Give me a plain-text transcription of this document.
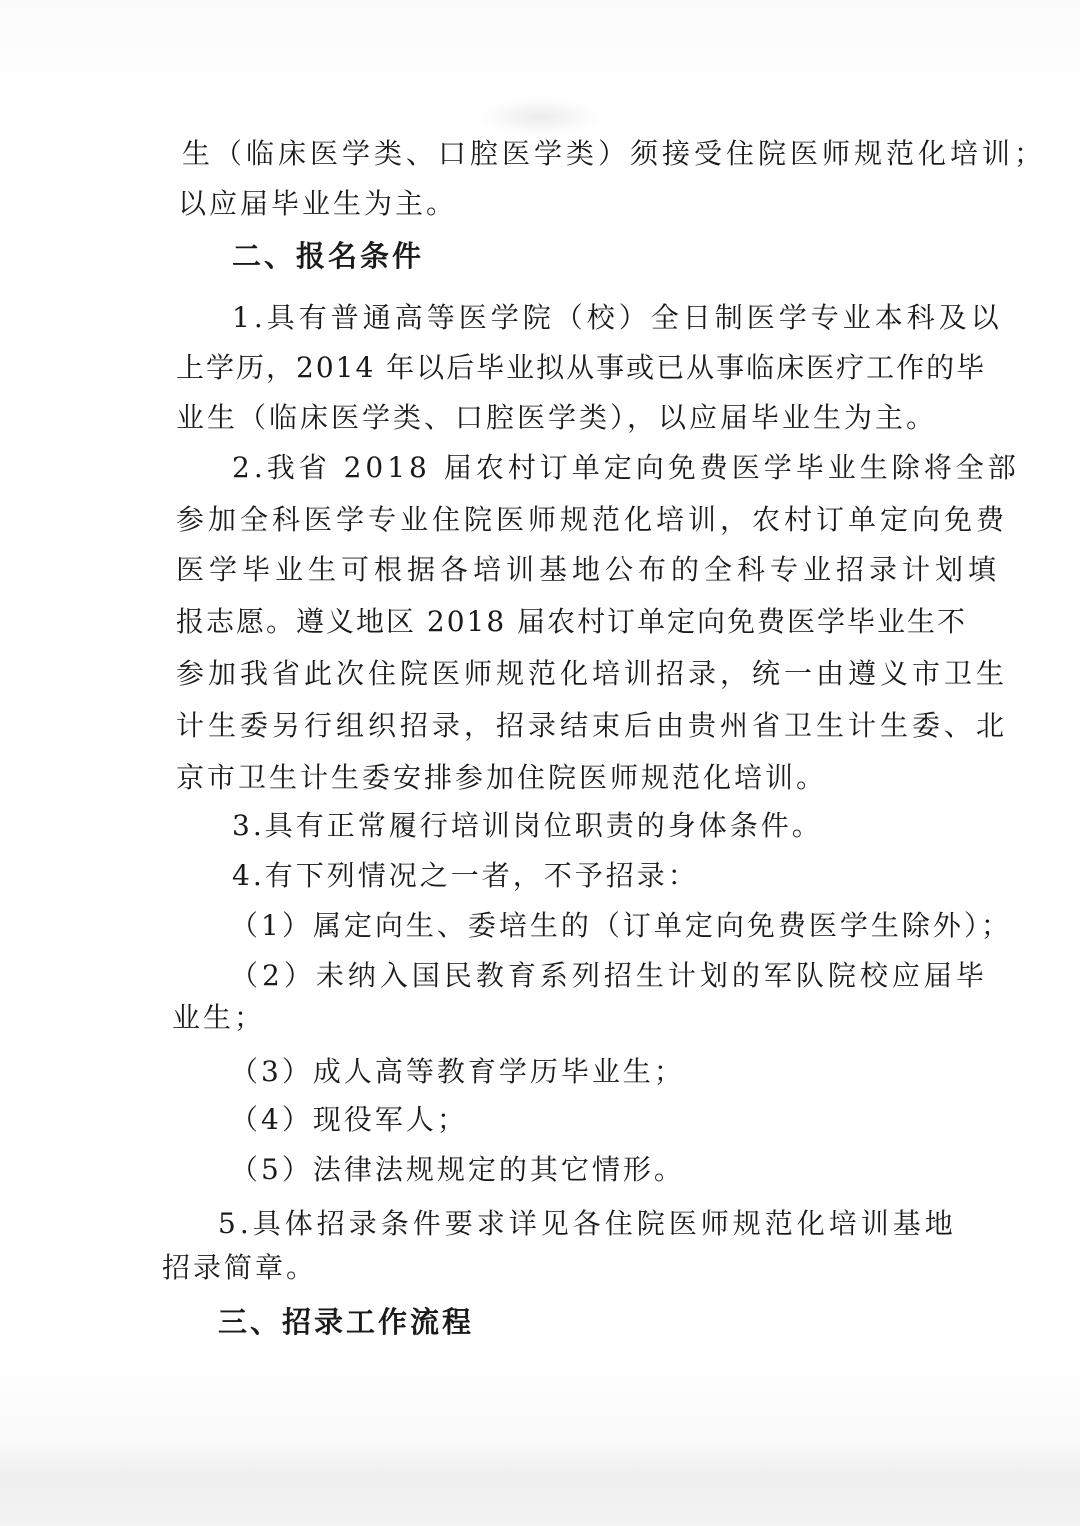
生（临床医学类、口腔医学类）须接受住院医师规范化培训；
以应届毕业生为主。
二、报名条件
1.具有普通高等医学院（校）全日制医学专业本科及以
上学历，2014 年以后毕业拟从事或已从事临床医疗工作的毕
业生（临床医学类、口腔医学类），以应届毕业生为主。
2.我省 2018 届农村订单定向免费医学毕业生除将全部
参加全科医学专业住院医师规范化培训，农村订单定向免费
医学毕业生可根据各培训基地公布的全科专业招录计划填
报志愿。遵义地区 2018 届农村订单定向免费医学毕业生不
参加我省此次住院医师规范化培训招录，统一由遵义市卫生
计生委另行组织招录，招录结束后由贵州省卫生计生委、北
京市卫生计生委安排参加住院医师规范化培训。
3.具有正常履行培训岗位职责的身体条件。
4.有下列情况之一者，不予招录：
（1）属定向生、委培生的（订单定向免费医学生除外）；
（2）未纳入国民教育系列招生计划的军队院校应届毕
业生；
（3）成人高等教育学历毕业生；
（4）现役军人；
（5）法律法规规定的其它情形。
5.具体招录条件要求详见各住院医师规范化培训基地
招录简章。
三、招录工作流程
